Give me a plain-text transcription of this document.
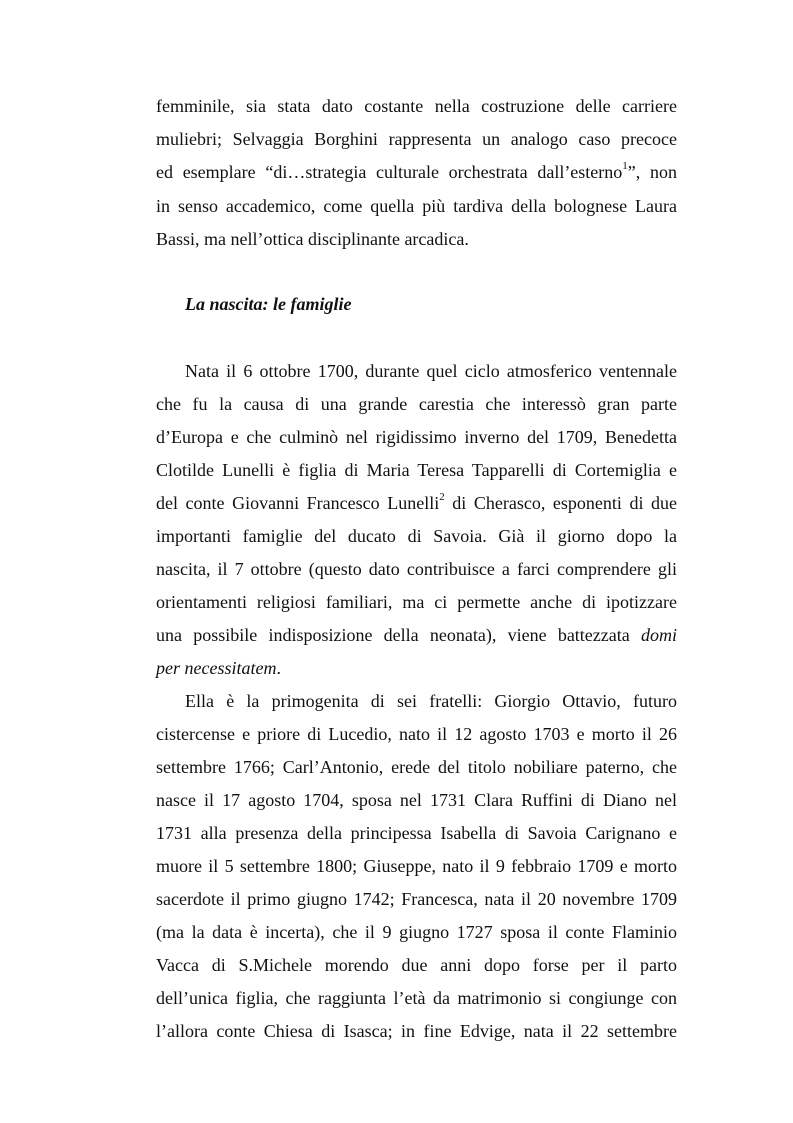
femminile, sia stata dato costante nella costruzione delle carriere
muliebri; Selvaggia Borghini rappresenta un analogo caso precoce
ed esemplare “di…strategia culturale orchestrata dall’esterno$^1$”, non
in senso accademico, come quella più tardiva della bolognese Laura
Bassi, ma nell’ottica disciplinante arcadica.
La nascita: le famiglie
Nata il 6 ottobre 1700, durante quel ciclo atmosferico ventennale
che fu la causa di una grande carestia che interessò gran parte
d’Europa e che culminò nel rigidissimo inverno del 1709, Benedetta
Clotilde Lunelli è figlia di Maria Teresa Tapparelli di Cortemiglia e
del conte Giovanni Francesco Lunelli$^2$ di Cherasco, esponenti di due
importanti famiglie del ducato di Savoia. Già il giorno dopo la
nascita, il 7 ottobre (questo dato contribuisce a farci comprendere gli
orientamenti religiosi familiari, ma ci permette anche di ipotizzare
una possibile indisposizione della neonata), viene battezzata domi
per necessitatem.
Ella è la primogenita di sei fratelli: Giorgio Ottavio, futuro
cistercense e priore di Lucedio, nato il 12 agosto 1703 e morto il 26
settembre 1766; Carl’Antonio, erede del titolo nobiliare paterno, che
nasce il 17 agosto 1704, sposa nel 1731 Clara Ruffini di Diano nel
1731 alla presenza della principessa Isabella di Savoia Carignano e
muore il 5 settembre 1800; Giuseppe, nato il 9 febbraio 1709 e morto
sacerdote il primo giugno 1742; Francesca, nata il 20 novembre 1709
(ma la data è incerta), che il 9 giugno 1727 sposa il conte Flaminio
Vacca di S.Michele morendo due anni dopo forse per il parto
dell’unica figlia, che raggiunta l’età da matrimonio si congiunge con
l’allora conte Chiesa di Isasca; in fine Edvige, nata il 22 settembre
